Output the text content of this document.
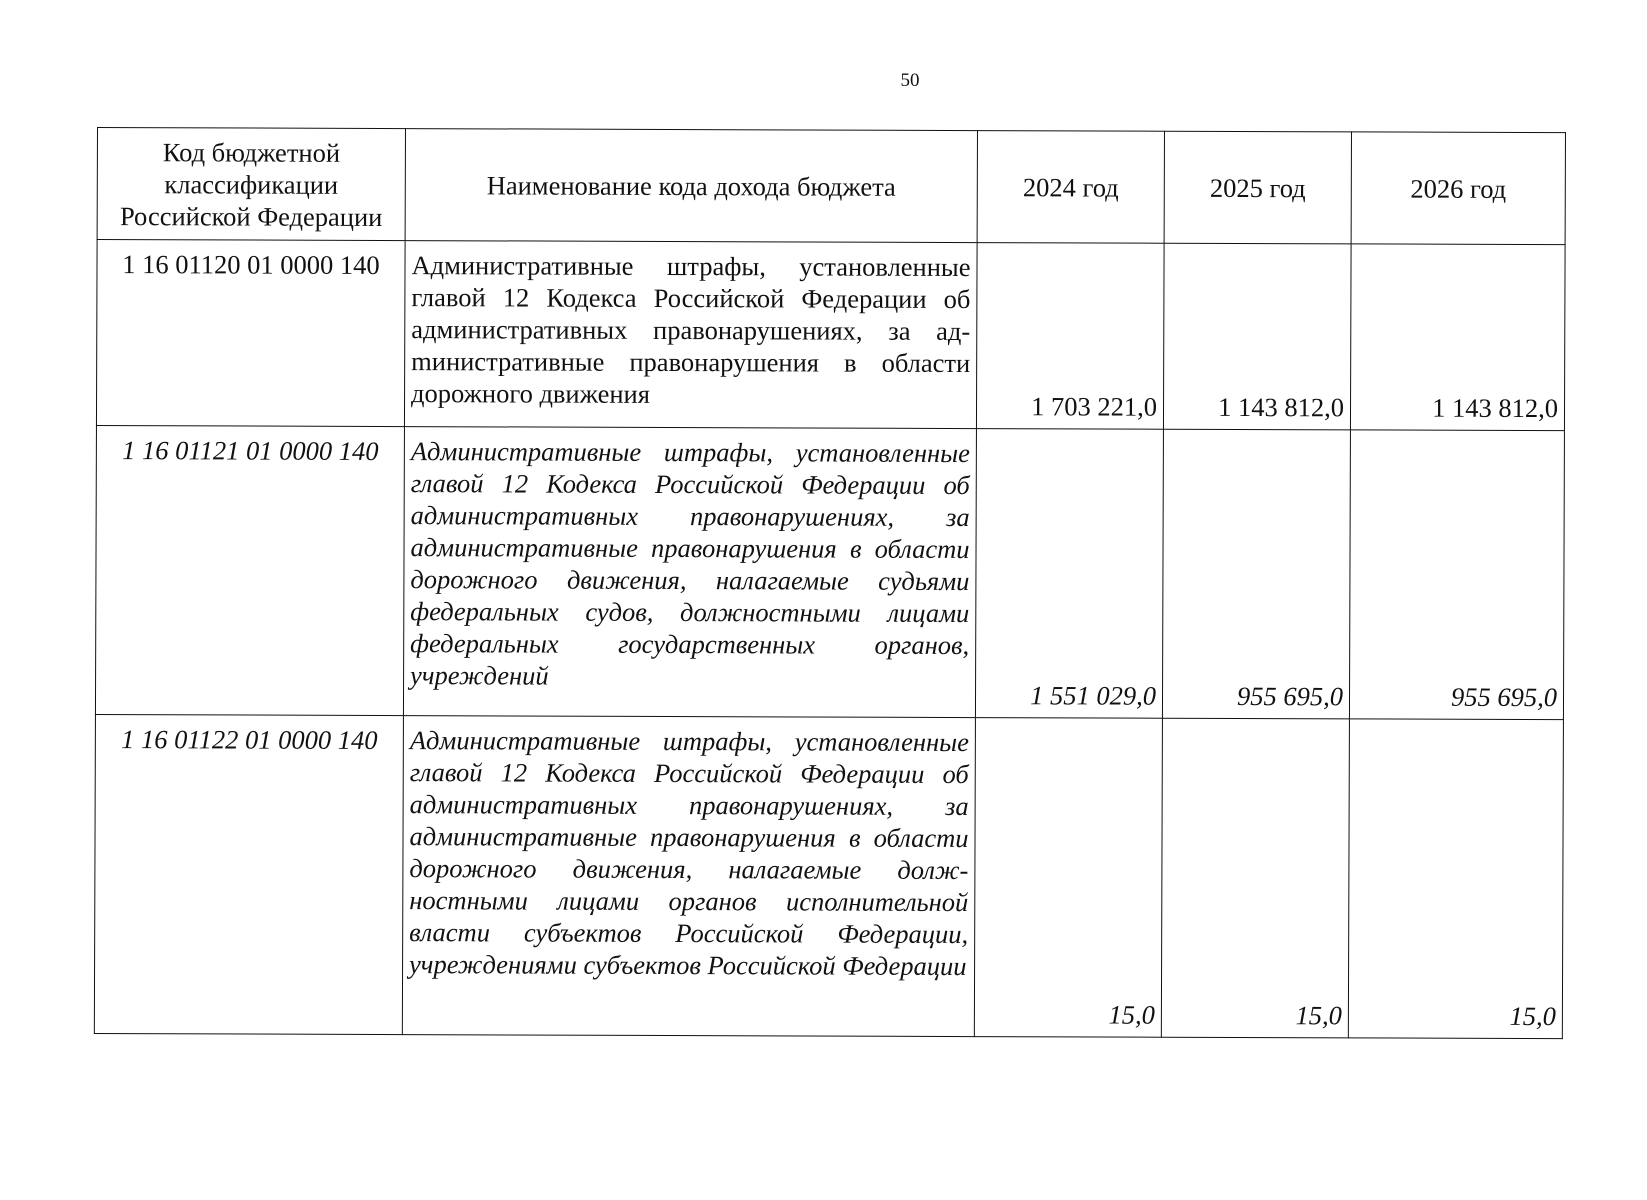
50
Код бюджетной классификации Российской Федерации	Наименование кода дохода бюджета	2024 год	2025 год	2026 год
1 16 01120 01 0000 140	Административные штрафы, установленные главой 12 Кодекса Российской Федерации об административных правонарушениях, за адmинистративные правонарушения в области дорожного движения	1 703 221,0	1 143 812,0	1 143 812,0
1 16 01121 01 0000 140	Административные штрафы, установленные главой 12 Кодекса Российской Федерации об административных правонарушениях, за административные правонарушения в области дорожного движения, налагаемые судьями федеральных судов, должностными лицами федеральных государственных органов, учреждений	1 551 029,0	955 695,0	955 695,0
1 16 01122 01 0000 140	Административные штрафы, установленные главой 12 Кодекса Российской Федерации об административных правонарушениях, за административные правонарушения в области дорожного движения, налагаемые должностными лицами органов исполнительной власти субъектов Российской Федерации, учреждениями субъектов Российской Федерации	15,0	15,0	15,0
